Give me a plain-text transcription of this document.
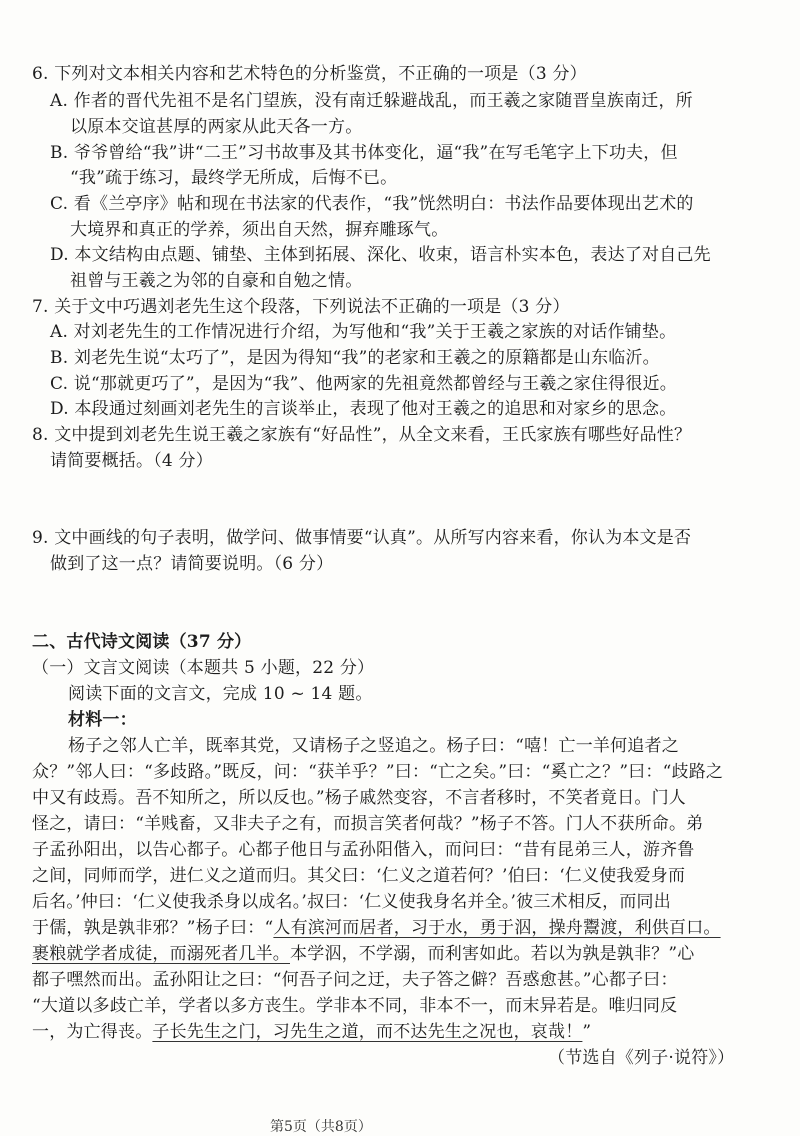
6. 下列对文本相关内容和艺术特色的分析鉴赏，不正确的一项是（3 分）
A. 作者的晋代先祖不是名门望族，没有南迁躲避战乱，而王羲之家随晋皇族南迁，所
以原本交谊甚厚的两家从此天各一方。
B. 爷爷曾给“我”讲“二王”习书故事及其书体变化，逼“我”在写毛笔字上下功夫，但
“我”疏于练习，最终学无所成，后悔不已。
C. 看《兰亭序》帖和现在书法家的代表作，“我”恍然明白：书法作品要体现出艺术的
大境界和真正的学养，须出自天然，摒弃雕琢气。
D. 本文结构由点题、铺垫、主体到拓展、深化、收束，语言朴实本色，表达了对自己先
祖曾与王羲之为邻的自豪和自勉之情。
7. 关于文中巧遇刘老先生这个段落，下列说法不正确的一项是（3 分）
A. 对刘老先生的工作情况进行介绍，为写他和“我”关于王羲之家族的对话作铺垫。
B. 刘老先生说“太巧了”，是因为得知“我”的老家和王羲之的原籍都是山东临沂。
C. 说“那就更巧了”，是因为“我”、他两家的先祖竟然都曾经与王羲之家住得很近。
D. 本段通过刻画刘老先生的言谈举止，表现了他对王羲之的追思和对家乡的思念。
8. 文中提到刘老先生说王羲之家族有“好品性”，从全文来看，王氏家族有哪些好品性？
请简要概括。（4 分）
9. 文中画线的句子表明，做学问、做事情要“认真”。从所写内容来看，你认为本文是否
做到了这一点？请简要说明。（6 分）
二、古代诗文阅读（37 分）
（一）文言文阅读（本题共 5 小题，22 分）
阅读下面的文言文，完成 10 ~ 14 题。
材料一：
杨子之邻人亡羊，既率其党，又请杨子之竖追之。杨子曰：“嘻！亡一羊何追者之
众？”邻人曰：“多歧路。”既反，问：“获羊乎？”曰：“亡之矣。”曰：“奚亡之？”曰：“歧路之
中又有歧焉。吾不知所之，所以反也。”杨子戚然变容，不言者移时，不笑者竟日。门人
怪之，请曰：“羊贱畜，又非夫子之有，而损言笑者何哉？”杨子不答。门人不获所命。弟
子孟孙阳出，以告心都子。心都子他日与孟孙阳偕入，而问曰：“昔有昆弟三人，游齐鲁
之间，同师而学，进仁义之道而归。其父曰：‘仁义之道若何？’伯曰：‘仁义使我爱身而
后名。’仲曰：‘仁义使我杀身以成名。’叔曰：‘仁义使我身名并全。’彼三术相反，而同出
于儒，孰是孰非邪？”杨子曰：“人有滨河而居者，习于水，勇于泅，操舟鬻渡，利供百口。
裹粮就学者成徒，而溺死者几半。本学泅，不学溺，而利害如此。若以为孰是孰非？”心
都子嘿然而出。孟孙阳让之曰：“何吾子问之迂，夫子答之僻？吾惑愈甚。”心都子曰：
“大道以多歧亡羊，学者以多方丧生。学非本不同，非本不一，而末异若是。唯归同反
一，为亡得丧。子长先生之门，习先生之道，而不达先生之况也，哀哉！”
（节选自《列子·说符》）
第5页（共8页）
